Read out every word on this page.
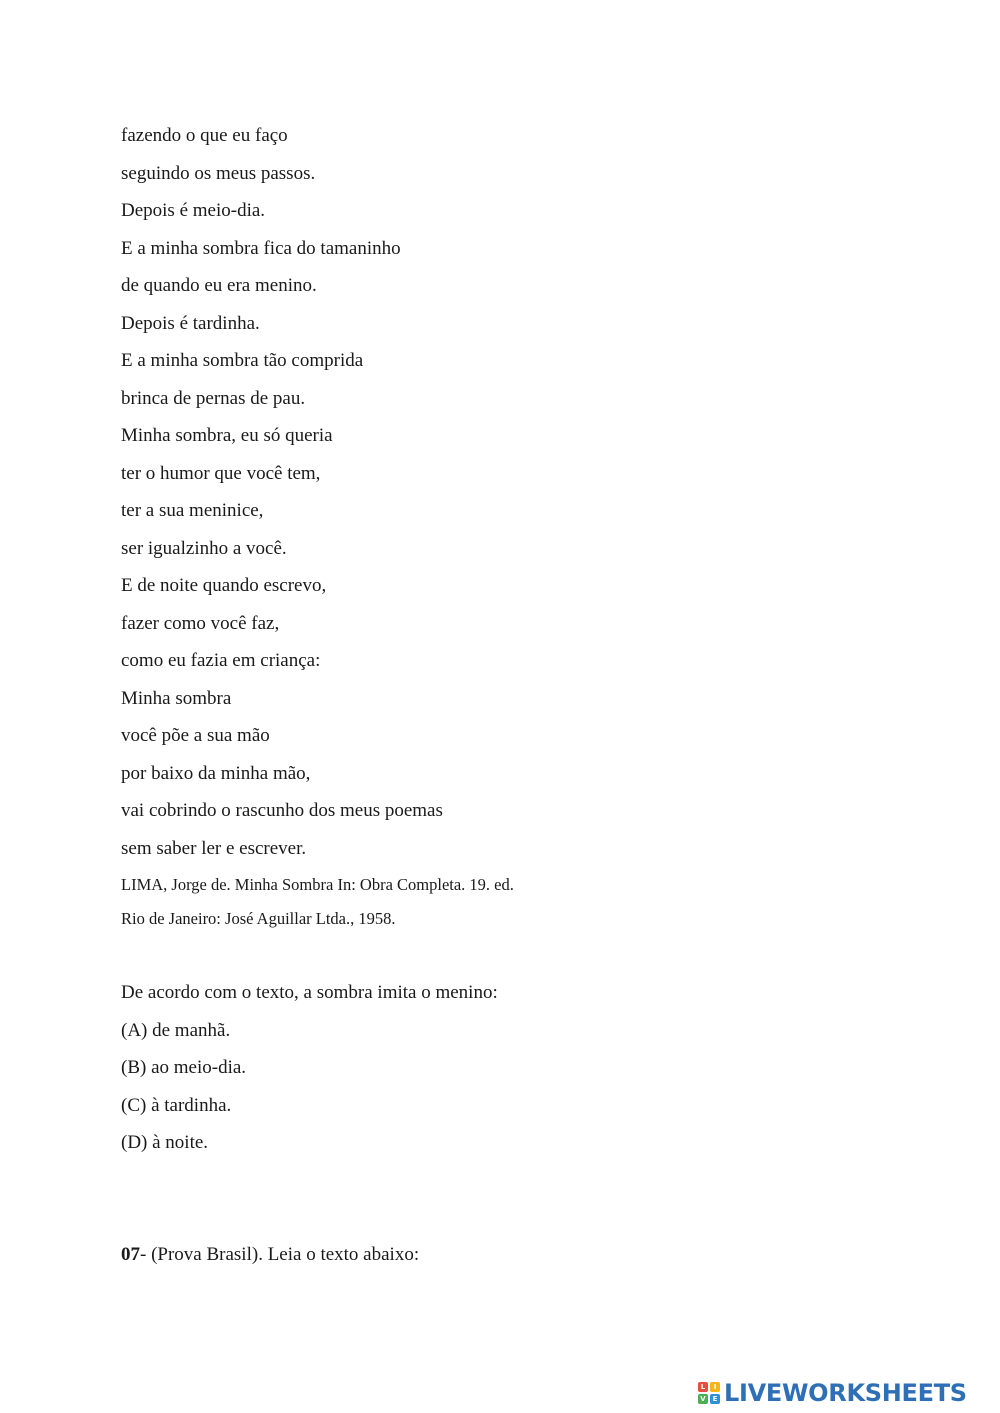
fazendo o que eu faço
seguindo os meus passos.
Depois é meio-dia.
E a minha sombra fica do tamaninho
de quando eu era menino.
Depois é tardinha.
E a minha sombra tão comprida
brinca de pernas de pau.
Minha sombra, eu só queria
ter o humor que você tem,
ter a sua meninice,
ser igualzinho a você.
E de noite quando escrevo,
fazer como você faz,
como eu fazia em criança:
Minha sombra
você põe a sua mão
por baixo da minha mão,
vai cobrindo o rascunho dos meus poemas
sem saber ler e escrever.
LIMA, Jorge de. Minha Sombra In: Obra Completa. 19. ed.
Rio de Janeiro: José Aguillar Ltda., 1958.
De acordo com o texto, a sombra imita o menino:
(A) de manhã.
(B) ao meio-dia.
(C) à tardinha.
(D) à noite.
07- (Prova Brasil). Leia o texto abaixo:
L	I
V E LIVEWORKSHEETS
